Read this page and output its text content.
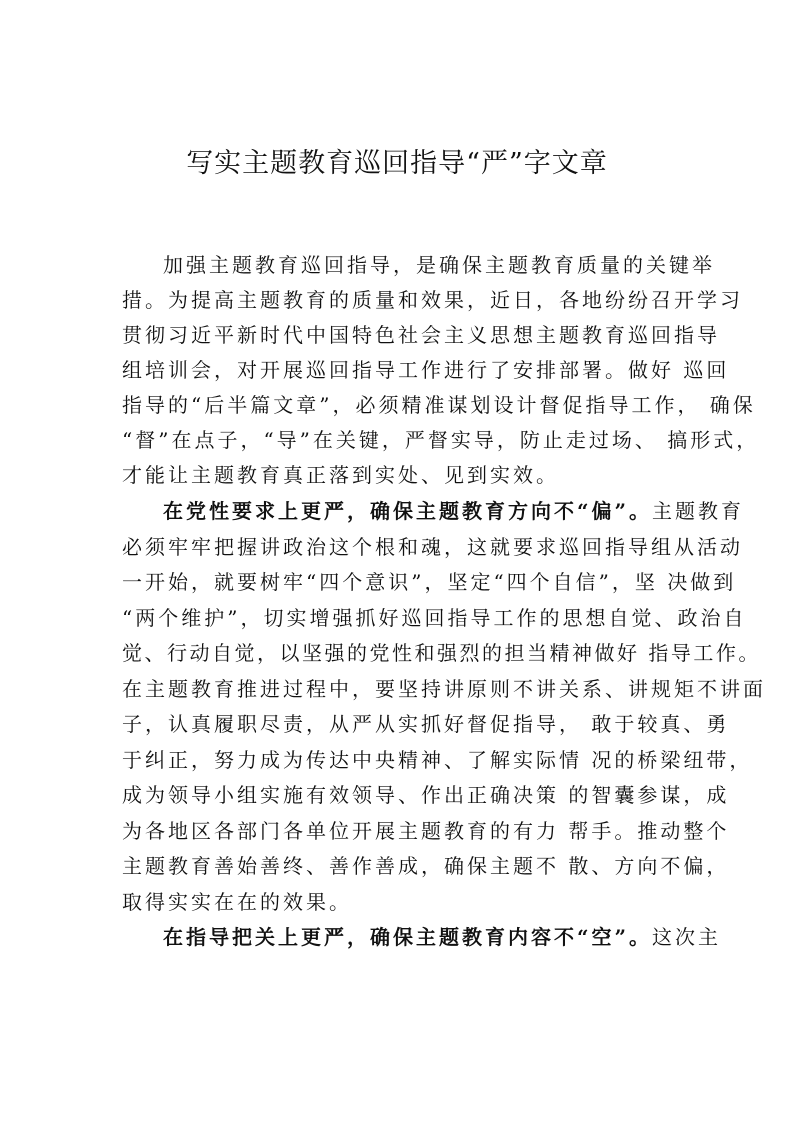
写实主题教育巡回指导“严”字文章
加强主题教育巡回指导，是确保主题教育质量的关键举
措。为提高主题教育的质量和效果，近日，各地纷纷召开学习
贯彻习近平新时代中国特色社会主义思想主题教育巡回指导
组培训会，对开展巡回指导工作进行了安排部署。做好 巡回
指导的“后半篇文章”，必须精准谋划设计督促指导工作， 确保
“督”在点子，“导”在关键，严督实导，防止走过场、 搞形式，
才能让主题教育真正落到实处、见到实效。
在党性要求上更严，确保主题教育方向不“偏”。主题教育
必须牢牢把握讲政治这个根和魂，这就要求巡回指导组从活动
一开始，就要树牢“四个意识”，坚定“四个自信”，坚 决做到
“两个维护”，切实增强抓好巡回指导工作的思想自觉、政治自
觉、行动自觉，以坚强的党性和强烈的担当精神做好 指导工作。
在主题教育推进过程中，要坚持讲原则不讲关系、讲规矩不讲面
子，认真履职尽责，从严从实抓好督促指导， 敢于较真、勇
于纠正，努力成为传达中央精神、了解实际情 况的桥梁纽带，
成为领导小组实施有效领导、作出正确决策 的智囊参谋，成
为各地区各部门各单位开展主题教育的有力 帮手。推动整个
主题教育善始善终、善作善成，确保主题不 散、方向不偏，
取得实实在在的效果。
在指导把关上更严，确保主题教育内容不“空”。这次主
